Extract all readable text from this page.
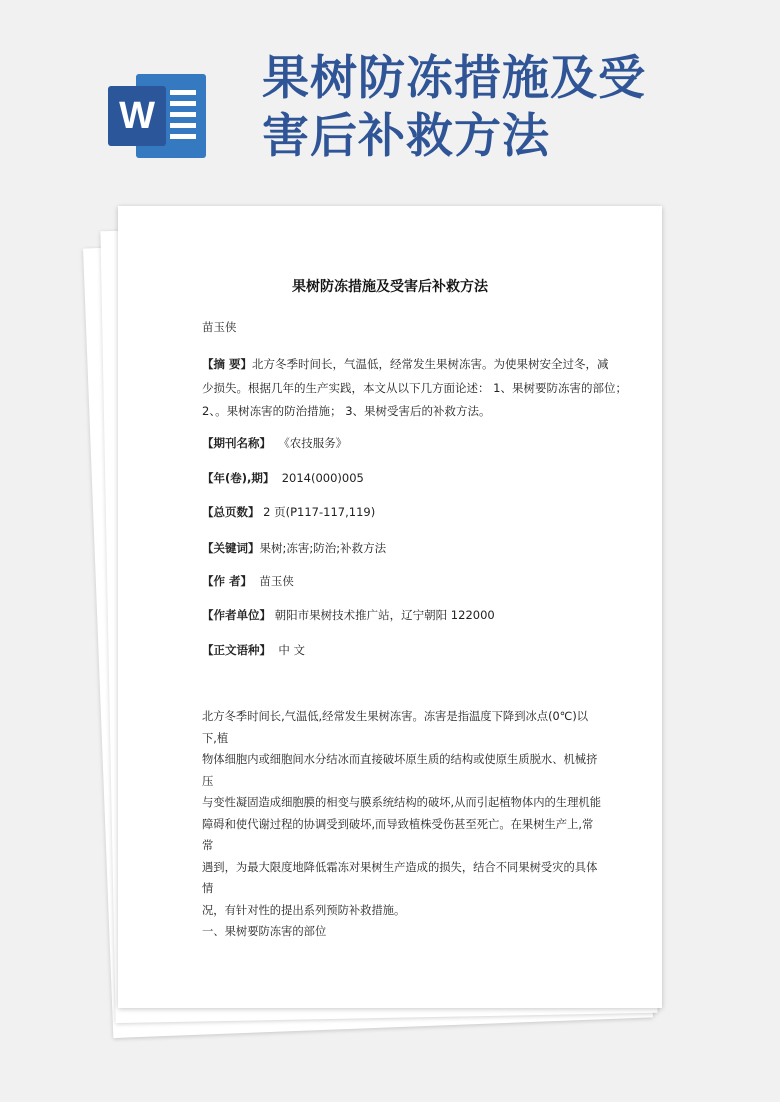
W
果树防冻措施及受
害后补救方法
果树防冻措施及受害后补救方法
苗玉侠
【摘 要】北方冬季时间长，气温低，经常发生果树冻害。为使果树安全过冬，减
少损失。根据几年的生产实践，本文从以下几方面论述： 1、果树要防冻害的部位；
2、。果树冻害的防治措施； 3、果树受害后的补救方法。
【期刊名称】 《农技服务》
【年(卷),期】 2014(000)005
【总页数】 2 页(P117-117,119)
【关键词】果树;冻害;防治;补救方法
【作 者】 苗玉侠
【作者单位】 朝阳市果树技术推广站，辽宁朝阳 122000
【正文语种】 中 文

北方冬季时间长,气温低,经常发生果树冻害。冻害是指温度下降到冰点(0℃)以下,植

物体细胞内或细胞间水分结冰而直接破坏原生质的结构或使原生质脱水、机械挤压

与变性凝固造成细胞膜的相变与膜系统结构的破坏,从而引起植物体内的生理机能

障碍和使代谢过程的协调受到破坏,而导致植株受伤甚至死亡。在果树生产上,常常

遇到，为最大限度地降低霜冻对果树生产造成的损失，结合不同果树受灾的具体情

况，有针对性的提出系列预防补救措施。

一、果树要防冻害的部位
